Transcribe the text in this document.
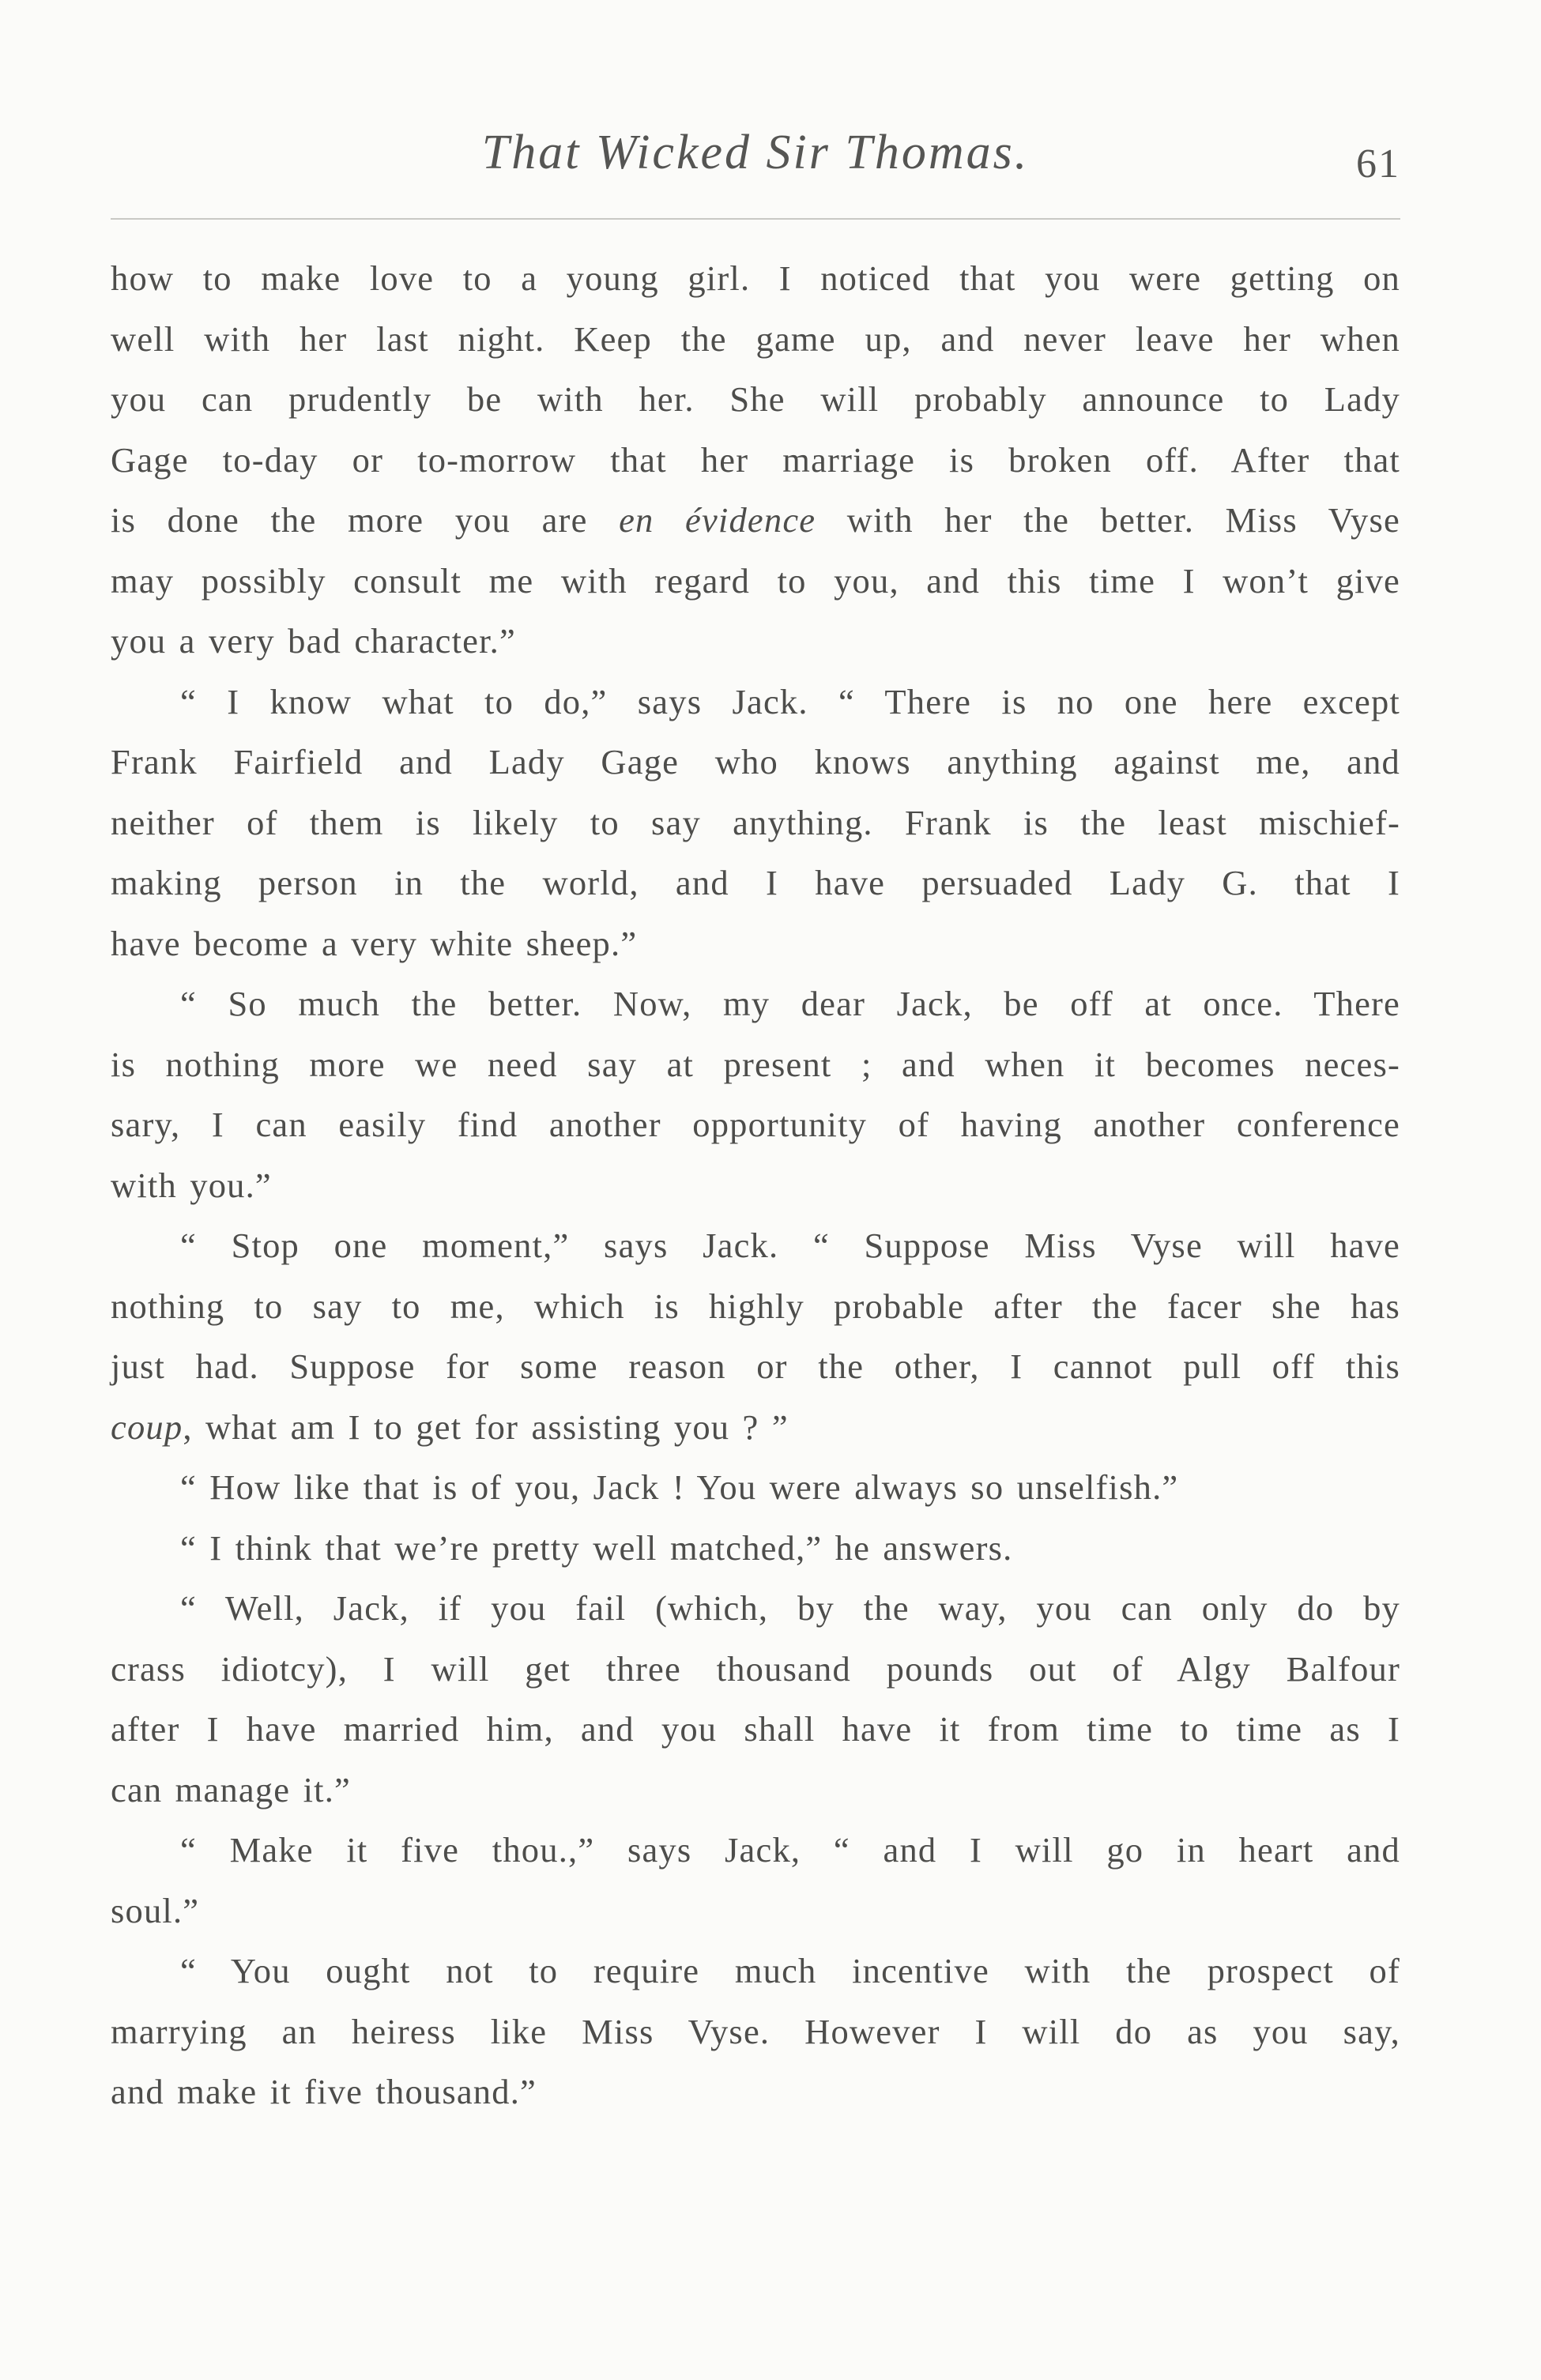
That Wicked Sir Thomas.	61

how to make love to a young girl. I noticed that you were getting on
well with her last night. Keep the game up, and never leave her when
you can prudently be with her. She will probably announce to Lady
Gage to-day or to-morrow that her marriage is broken off. After that
is done the more you are en évidence with her the better. Miss Vyse
may possibly consult me with regard to you, and this time I won’t give
you a very bad character.”

“ I know what to do,” says Jack. “ There is no one here except
Frank Fairfield and Lady Gage who knows anything against me, and
neither of them is likely to say anything. Frank is the least mischief-
making person in the world, and I have persuaded Lady G. that I
have become a very white sheep.”

“ So much the better. Now, my dear Jack, be off at once. There
is nothing more we need say at present ; and when it becomes neces-
sary, I can easily find another opportunity of having another conference
with you.”

“ Stop one moment,” says Jack. “ Suppose Miss Vyse will have
nothing to say to me, which is highly probable after the facer she has
just had. Suppose for some reason or the other, I cannot pull off this
coup, what am I to get for assisting you ? ”

“ How like that is of you, Jack ! You were always so unselfish.”

“ I think that we’re pretty well matched,” he answers.

“ Well, Jack, if you fail (which, by the way, you can only do by
crass idiotcy), I will get three thousand pounds out of Algy Balfour
after I have married him, and you shall have it from time to time as I
can manage it.”

“ Make it five thou.,” says Jack, “ and I will go in heart and
soul.”

“ You ought not to require much incentive with the prospect of
marrying an heiress like Miss Vyse. However I will do as you say,
and make it five thousand.”
